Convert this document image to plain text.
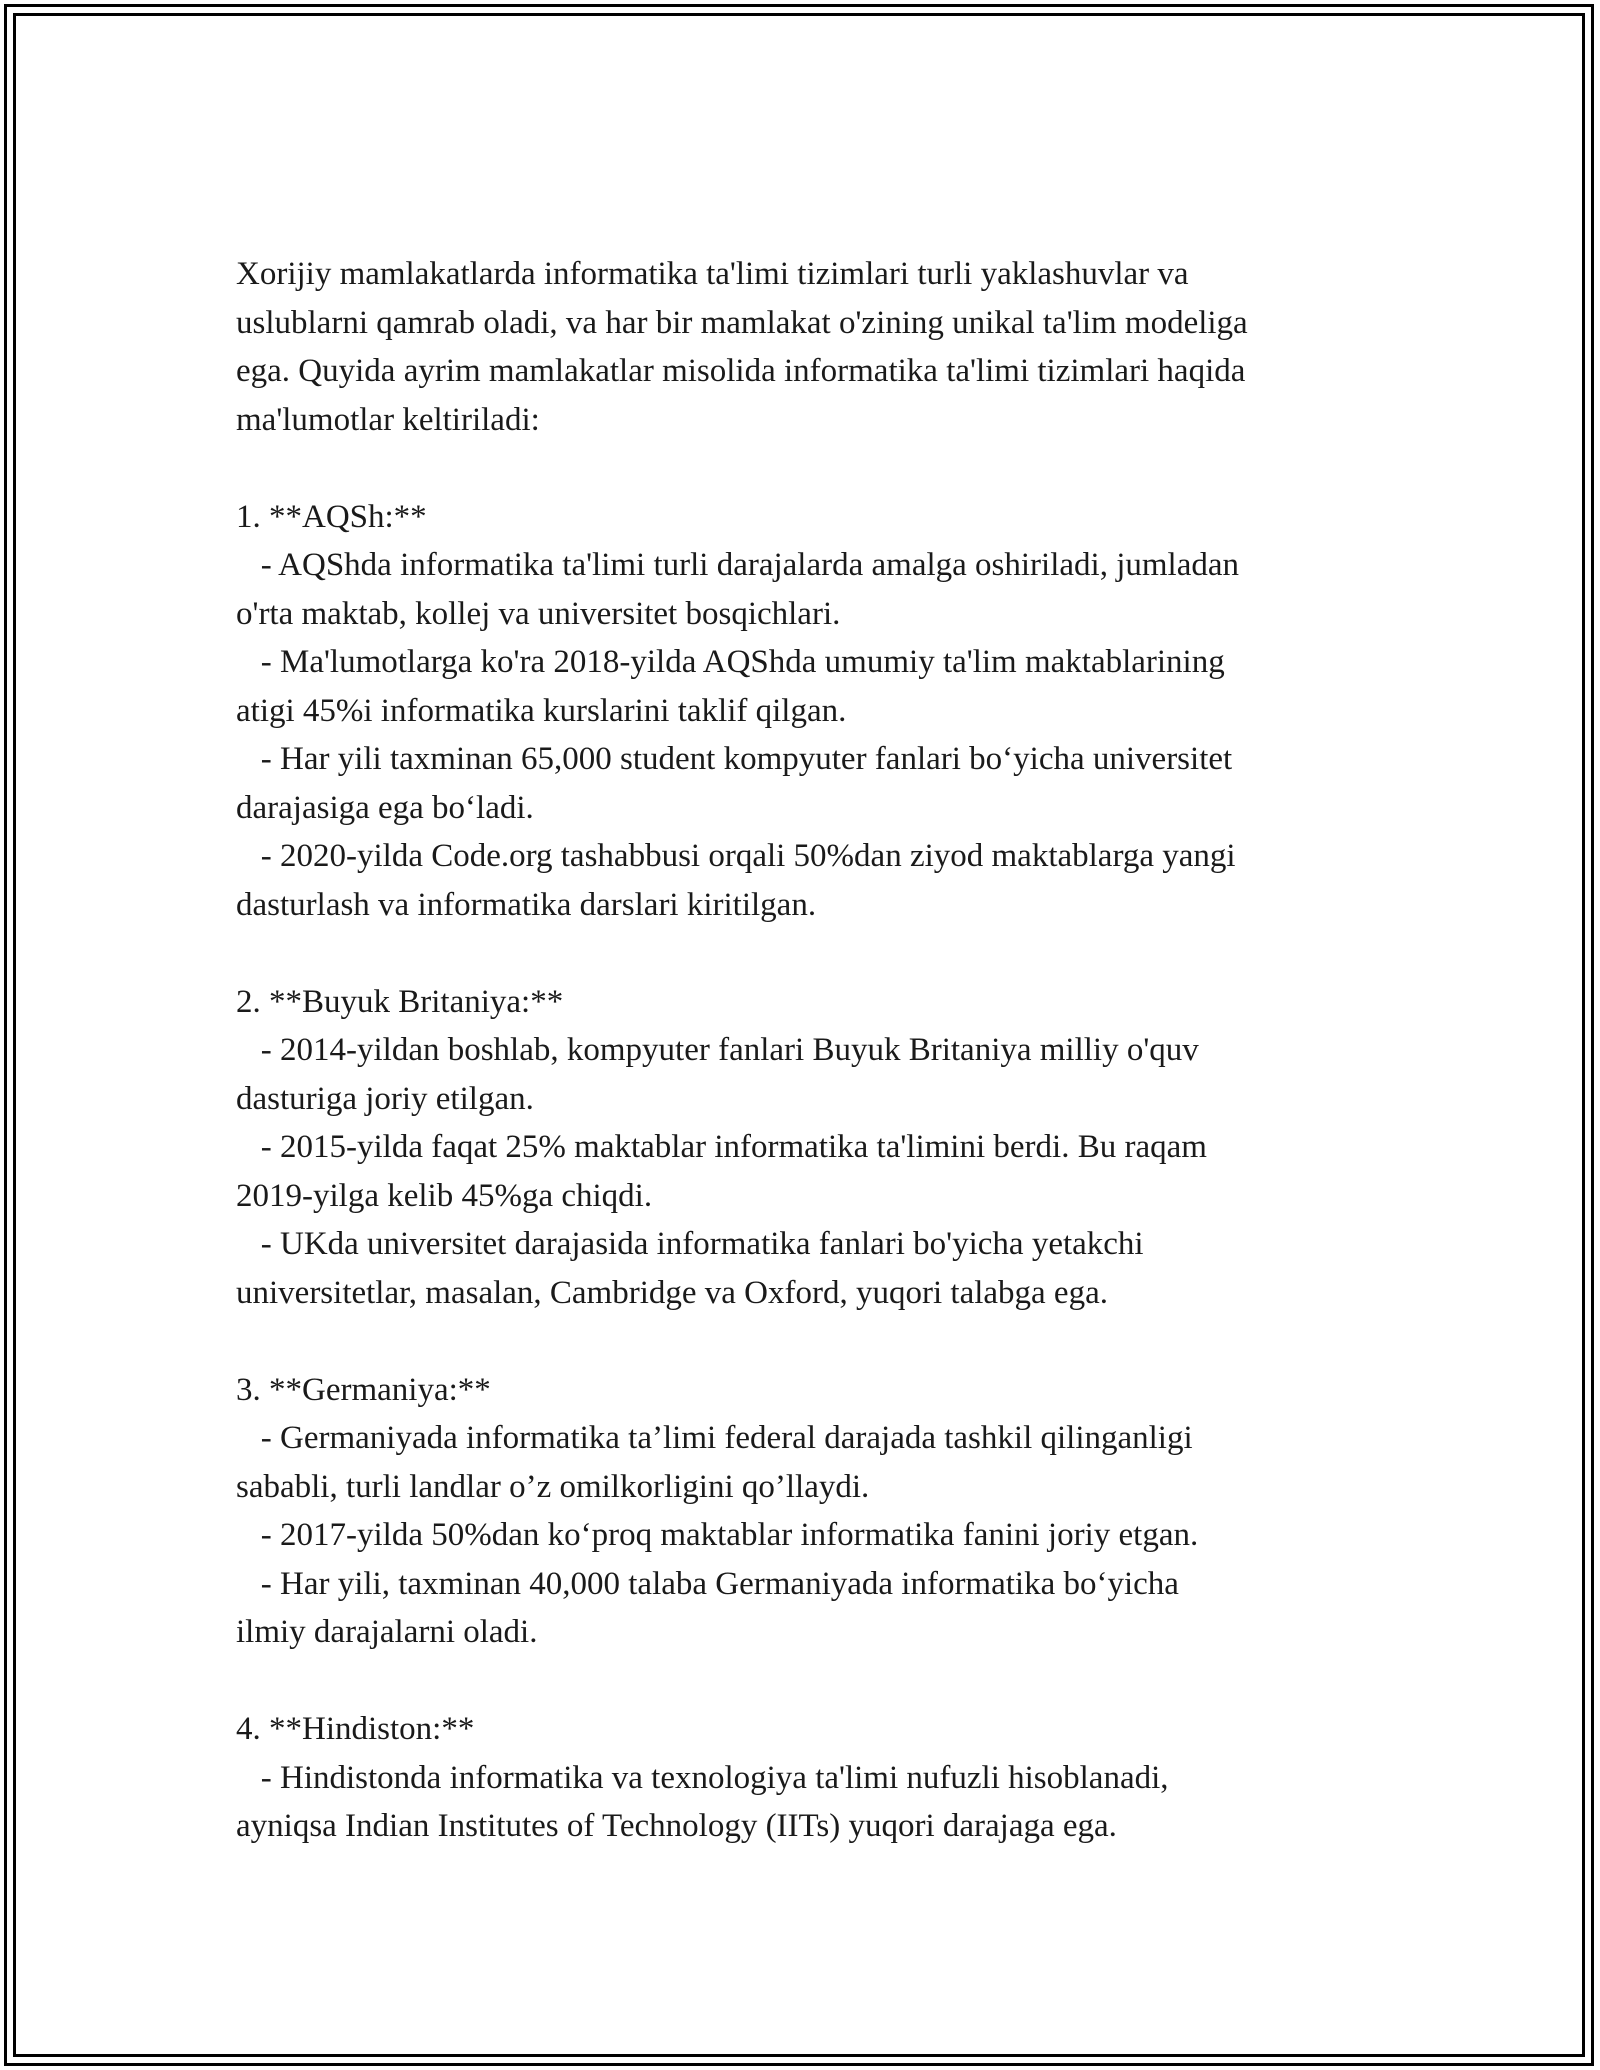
Xorijiy mamlakatlarda informatika ta'limi tizimlari turli yaklashuvlar va
uslublarni qamrab oladi, va har bir mamlakat o'zining unikal ta'lim modeliga
ega. Quyida ayrim mamlakatlar misolida informatika ta'limi tizimlari haqida
ma'lumotlar keltiriladi:
1. **AQSh:**
- AQShda informatika ta'limi turli darajalarda amalga oshiriladi, jumladan
o'rta maktab, kollej va universitet bosqichlari.
- Ma'lumotlarga ko'ra 2018-yilda AQShda umumiy ta'lim maktablarining
atigi 45%i informatika kurslarini taklif qilgan.
- Har yili taxminan 65,000 student kompyuter fanlari bo‘yicha universitet
darajasiga ega bo‘ladi.
- 2020-yilda Code.org tashabbusi orqali 50%dan ziyod maktablarga yangi
dasturlash va informatika darslari kiritilgan.
2. **Buyuk Britaniya:**
- 2014-yildan boshlab, kompyuter fanlari Buyuk Britaniya milliy o'quv
dasturiga joriy etilgan.
- 2015-yilda faqat 25% maktablar informatika ta'limini berdi. Bu raqam
2019-yilga kelib 45%ga chiqdi.
- UKda universitet darajasida informatika fanlari bo'yicha yetakchi
universitetlar, masalan, Cambridge va Oxford, yuqori talabga ega.
3. **Germaniya:**
- Germaniyada informatika ta’limi federal darajada tashkil qilinganligi
sababli, turli landlar o’z omilkorligini qo’llaydi.
- 2017-yilda 50%dan ko‘proq maktablar informatika fanini joriy etgan.
- Har yili, taxminan 40,000 talaba Germaniyada informatika bo‘yicha
ilmiy darajalarni oladi.
4. **Hindiston:**
- Hindistonda informatika va texnologiya ta'limi nufuzli hisoblanadi,
ayniqsa Indian Institutes of Technology (IITs) yuqori darajaga ega.
